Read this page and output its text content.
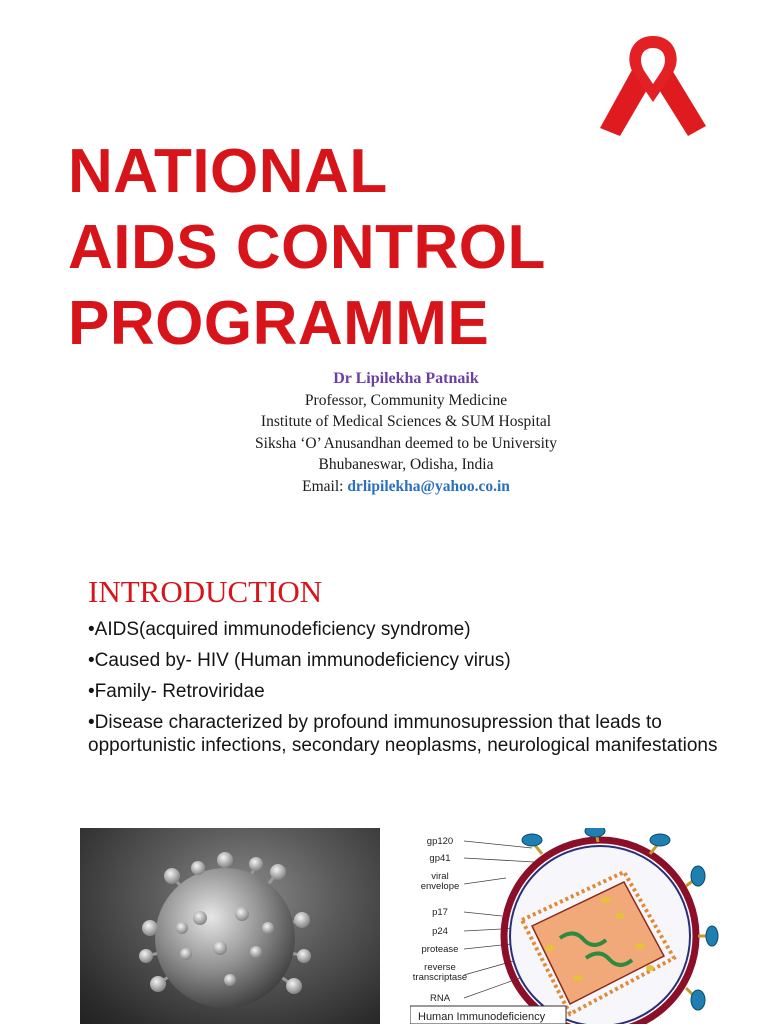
NATIONAL
AIDS CONTROL
PROGRAMME
Dr Lipilekha Patnaik
Professor, Community Medicine
Institute of Medical Sciences & SUM Hospital
Siksha ‘O’ Anusandhan deemed to be University
Bhubaneswar, Odisha, India
Email: drlipilekha@yahoo.co.in
INTRODUCTION
•AIDS(acquired immunodeficiency syndrome)
•Caused by- HIV (Human immunodeficiency virus)
•Family- Retroviridae
•Disease characterized by profound immunosupression that leads to opportunistic infections, secondary neoplasms, neurological manifestations
gp120
gp41
viral
envelope
p17
p24
protease
reverse
transcriptase
RNA
Human Immunodeficiency
